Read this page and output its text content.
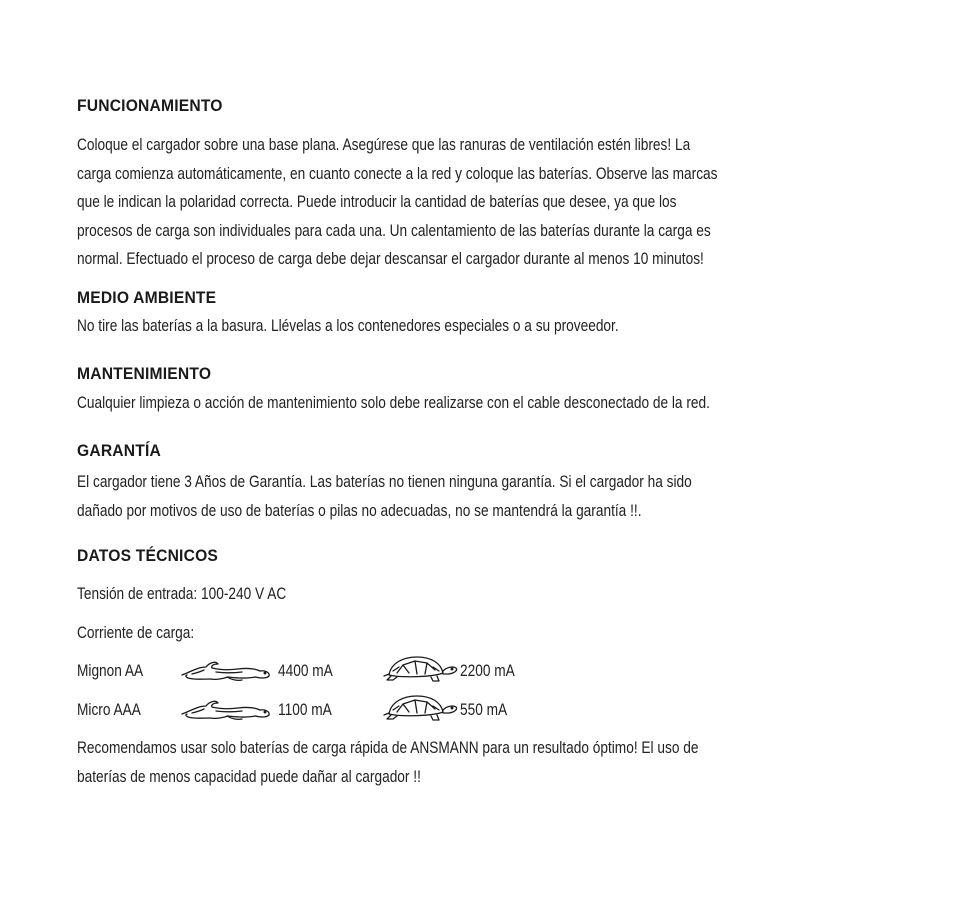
FUNCIONAMIENTO

Coloque el cargador sobre una base plana. Asegúrese que las ranuras de ventilación estén libres! La

carga comienza automáticamente, en cuanto conecte a la red y coloque las baterías. Observe las marcas

que le indican la polaridad correcta. Puede introducir la cantidad de baterías que desee, ya que los

procesos de carga son individuales para cada una. Un calentamiento de las baterías durante la carga es

normal. Efectuado el proceso de carga debe dejar descansar el cargador durante al menos 10 minutos!

MEDIO AMBIENTE

No tire las baterías a la basura. Llévelas a los contenedores especiales o a su proveedor.

MANTENIMIENTO

Cualquier limpieza o acción de mantenimiento solo debe realizarse con el cable desconectado de la red.

GARANTÍA

El cargador tiene 3 Años de Garantía. Las baterías no tienen ninguna garantía. Si el cargador ha sido

dañado por motivos de uso de baterías o pilas no adecuadas, no se mantendrá la garantía !!.

DATOS TÉCNICOS

Tensión de entrada: 100-240 V AC

Corriente de carga:

Mignon AA	4400 mA	2200 mA
Micro AAA	1100 mA	550 mA

Recomendamos usar solo baterías de carga rápida de ANSMANN para un resultado óptimo! El uso de

baterías de menos capacidad puede dañar al cargador !!
